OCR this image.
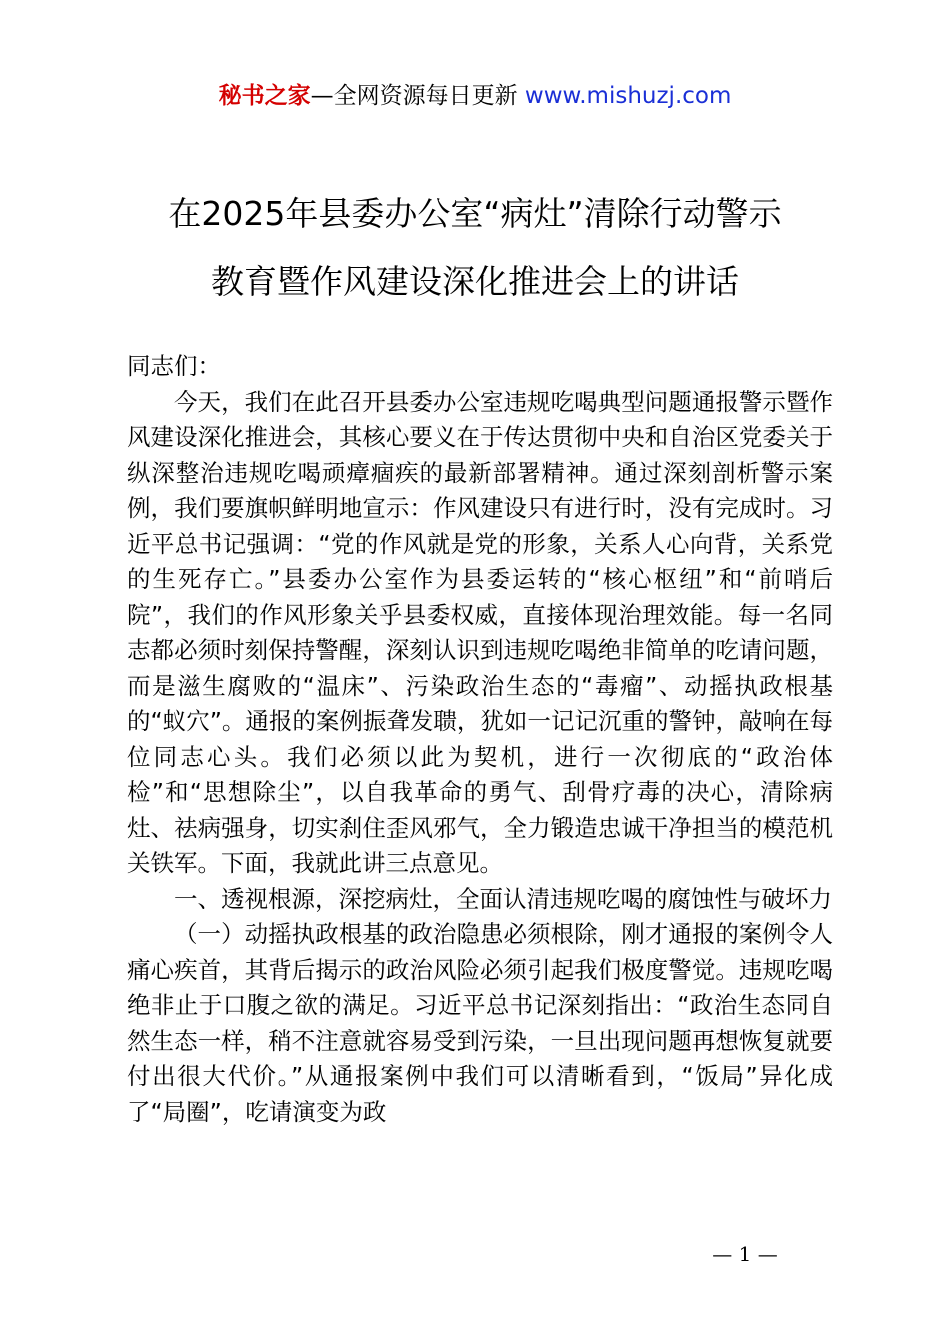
秘书之家—全网资源每日更新 www.mishuzj.com
在2025年县委办公室“病灶”清除行动警示
教育暨作风建设深化推进会上的讲话

同志们：

今天，我们在此召开县委办公室违规吃喝典型问题通报警示暨作风建设深化推进会，其核心要义在于传达贯彻中央和自治区党委关于纵深整治违规吃喝顽瘴痼疾的最新部署精神。通过深刻剖析警示案例，我们要旗帜鲜明地宣示：作风建设只有进行时，没有完成时。习近平总书记强调：“党的作风就是党的形象，关系人心向背，关系党的生死存亡。”县委办公室作为县委运转的“核心枢纽”和“前哨后院”，我们的作风形象关乎县委权威，直接体现治理效能。每一名同志都必须时刻保持警醒，深刻认识到违规吃喝绝非简单的吃请问题，而是滋生腐败的“温床”、污染政治生态的“毒瘤”、动摇执政根基的“蚁穴”。通报的案例振聋发聩，犹如一记记沉重的警钟，敲响在每位同志心头。我们必须以此为契机，进行一次彻底的“政治体检”和“思想除尘”，以自我革命的勇气、刮骨疗毒的决心，清除病灶、祛病强身，切实刹住歪风邪气，全力锻造忠诚干净担当的模范机关铁军。下面，我就此讲三点意见。

一、透视根源，深挖病灶，全面认清违规吃喝的腐蚀性与破坏力

（一）动摇执政根基的政治隐患必须根除，刚才通报的案例令人痛心疾首，其背后揭示的政治风险必须引起我们极度警觉。违规吃喝绝非止于口腹之欲的满足。习近平总书记深刻指出：“政治生态同自然生态一样，稍不注意就容易受到污染，一旦出现问题再想恢复就要付出很大代价。”从通报案例中我们可以清晰看到，“饭局”异化成了“局圈”，吃请演变为政

— 1 —
